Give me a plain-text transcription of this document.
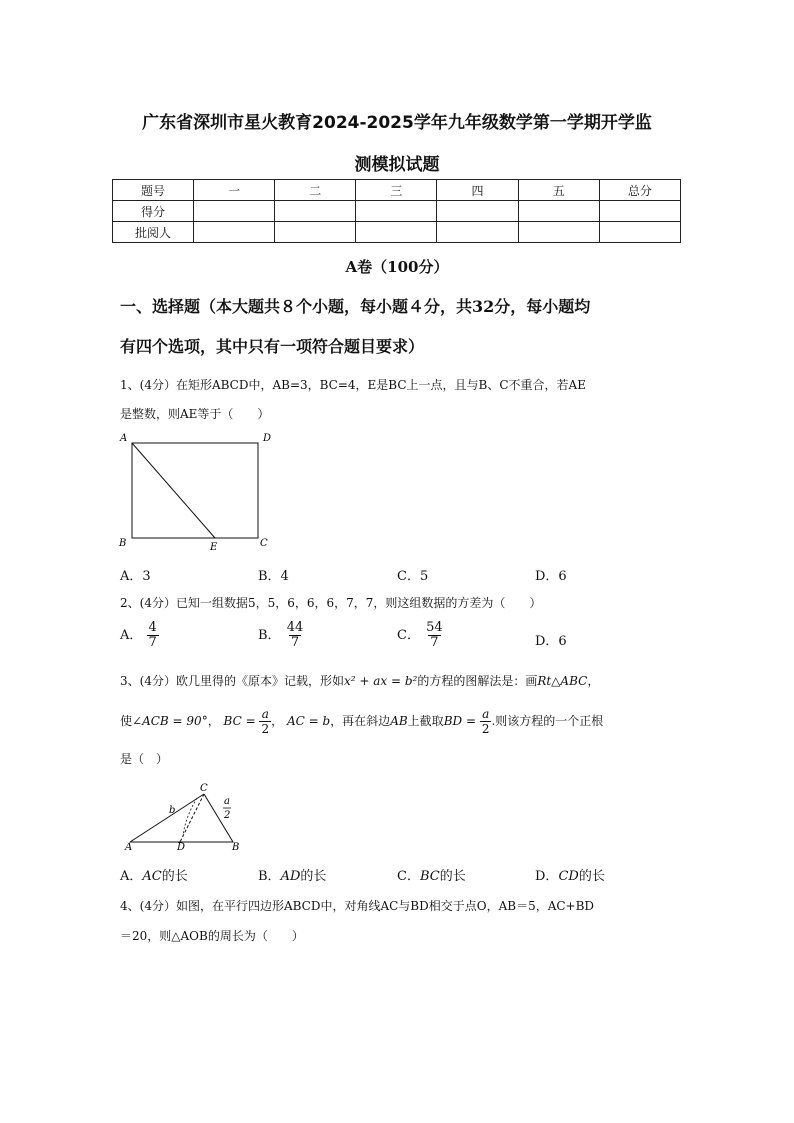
广东省深圳市星火教育2024-2025学年九年级数学第一学期开学监
测模拟试题
题号	一	二	三	四	五	总分
得分						
批阅人						
A卷（100分）
一、选择题（本大题共８个小题，每小题４分，共32分，每小题均
有四个选项，其中只有一项符合题目要求）
1、(4分）在矩形ABCD中，AB=3，BC=4，E是BC上一点，且与B、C不重合，若AE
是整数，则AE等于（　　）
A	D
B	C
E
A．3	B．4	C．5	D．6
2、(4分）已知一组数据5，5，6，6，6，7，7，则这组数据的方差为（　　）
A． $\frac{4}{7}$	B． $\frac{44}{7}$	C． $\frac{54}{7}$	D．6
3、(4分）欧几里得的《原本》记载，形如x² + ax = b²的方程的图解法是：画Rt△ABC，
使∠ACB = 90°， BC = $\frac{a}{2}$ ， AC = b，再在斜边AB上截取BD = $\frac{a}{2}$ .则该方程的一个正根
是（　）
A	D	B
C
b
a
2
A．AC的长	B．AD的长	C．BC的长	D．CD的长
4、(4分）如图，在平行四边形ABCD中，对角线AC与BD相交于点O，AB＝5，AC+BD
＝20，则△AOB的周长为（　　）
